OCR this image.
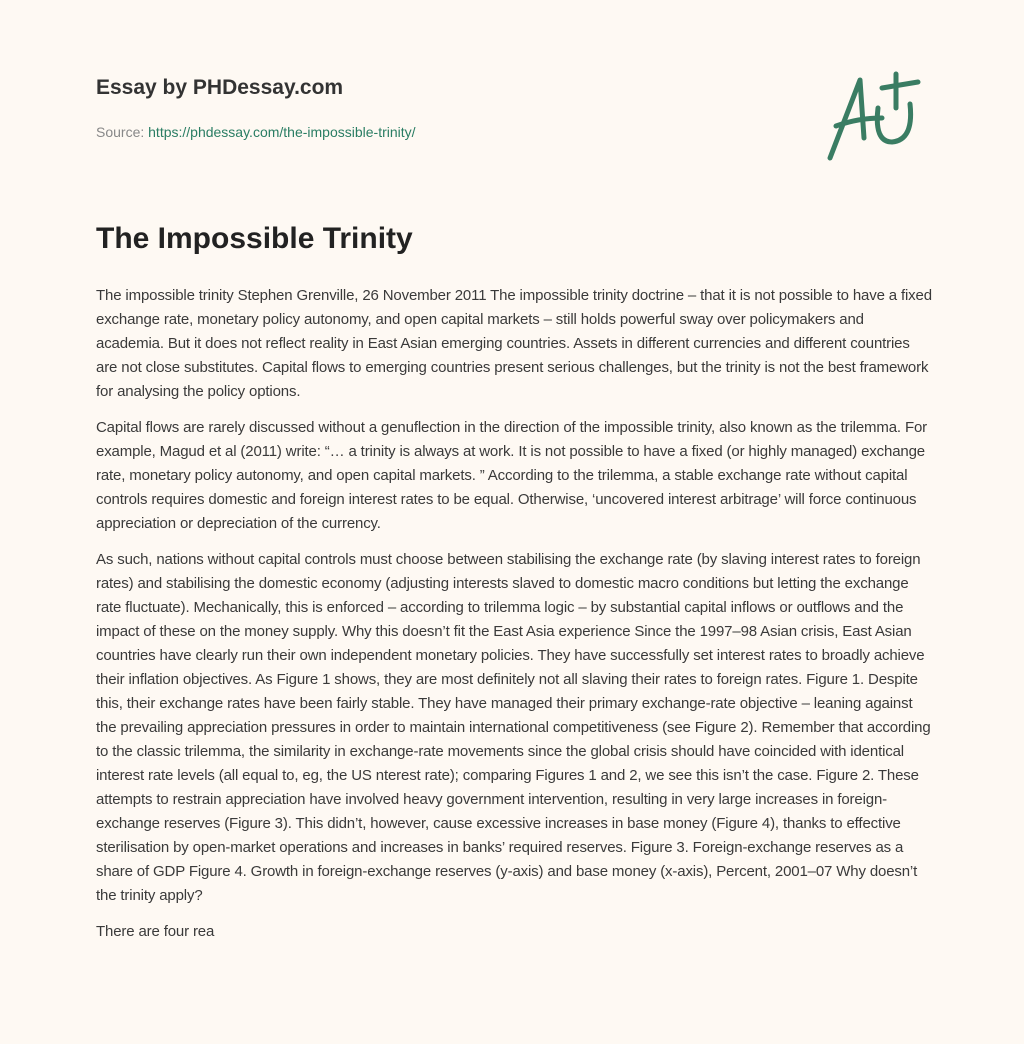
Essay by PHDessay.com
Source: https://phdessay.com/the-impossible-trinity/
The Impossible Trinity

The impossible trinity Stephen Grenville, 26 November 2011 The impossible trinity doctrine – that it is not possible to have a fixed exchange rate, monetary policy autonomy, and open capital markets – still holds powerful sway over policymakers and academia. But it does not reflect reality in East Asian emerging countries. Assets in different currencies and different countries are not close substitutes. Capital flows to emerging countries present serious challenges, but the trinity is not the best framework for analysing the policy options.

Capital flows are rarely discussed without a genuflection in the direction of the impossible trinity, also known as the trilemma. For example, Magud et al (2011) write: “… a trinity is always at work. It is not possible to have a fixed (or highly managed) exchange rate, monetary policy autonomy, and open capital markets. ” According to the trilemma, a stable exchange rate without capital controls requires domestic and foreign interest rates to be equal. Otherwise, ‘uncovered interest arbitrage’ will force continuous appreciation or depreciation of the currency.

As such, nations without capital controls must choose between stabilising the exchange rate (by slaving interest rates to foreign rates) and stabilising the domestic economy (adjusting interests slaved to domestic macro conditions but letting the exchange rate fluctuate). Mechanically, this is enforced – according to trilemma logic – by substantial capital inflows or outflows and the impact of these on the money supply. Why this doesn’t fit the East Asia experience Since the 1997–98 Asian crisis, East Asian countries have clearly run their own independent monetary policies. They have successfully set interest rates to broadly achieve their inflation objectives. As Figure 1 shows, they are most definitely not all slaving their rates to foreign rates. Figure 1. Despite this, their exchange rates have been fairly stable. They have managed their primary exchange-rate objective – leaning against the prevailing appreciation pressures in order to maintain international competitiveness (see Figure 2). Remember that according to the classic trilemma, the similarity in exchange-rate movements since the global crisis should have coincided with identical interest rate levels (all equal to, eg, the US nterest rate); comparing Figures 1 and 2, we see this isn’t the case. Figure 2. These attempts to restrain appreciation have involved heavy government intervention, resulting in very large increases in foreign-exchange reserves (Figure 3). This didn’t, however, cause excessive increases in base money (Figure 4), thanks to effective sterilisation by open-market operations and increases in banks’ required reserves. Figure 3. Foreign-exchange reserves as a share of GDP Figure 4. Growth in foreign-exchange reserves (y-axis) and base money (x-axis), Percent, 2001–07 Why doesn’t the trinity apply?

There are four rea
